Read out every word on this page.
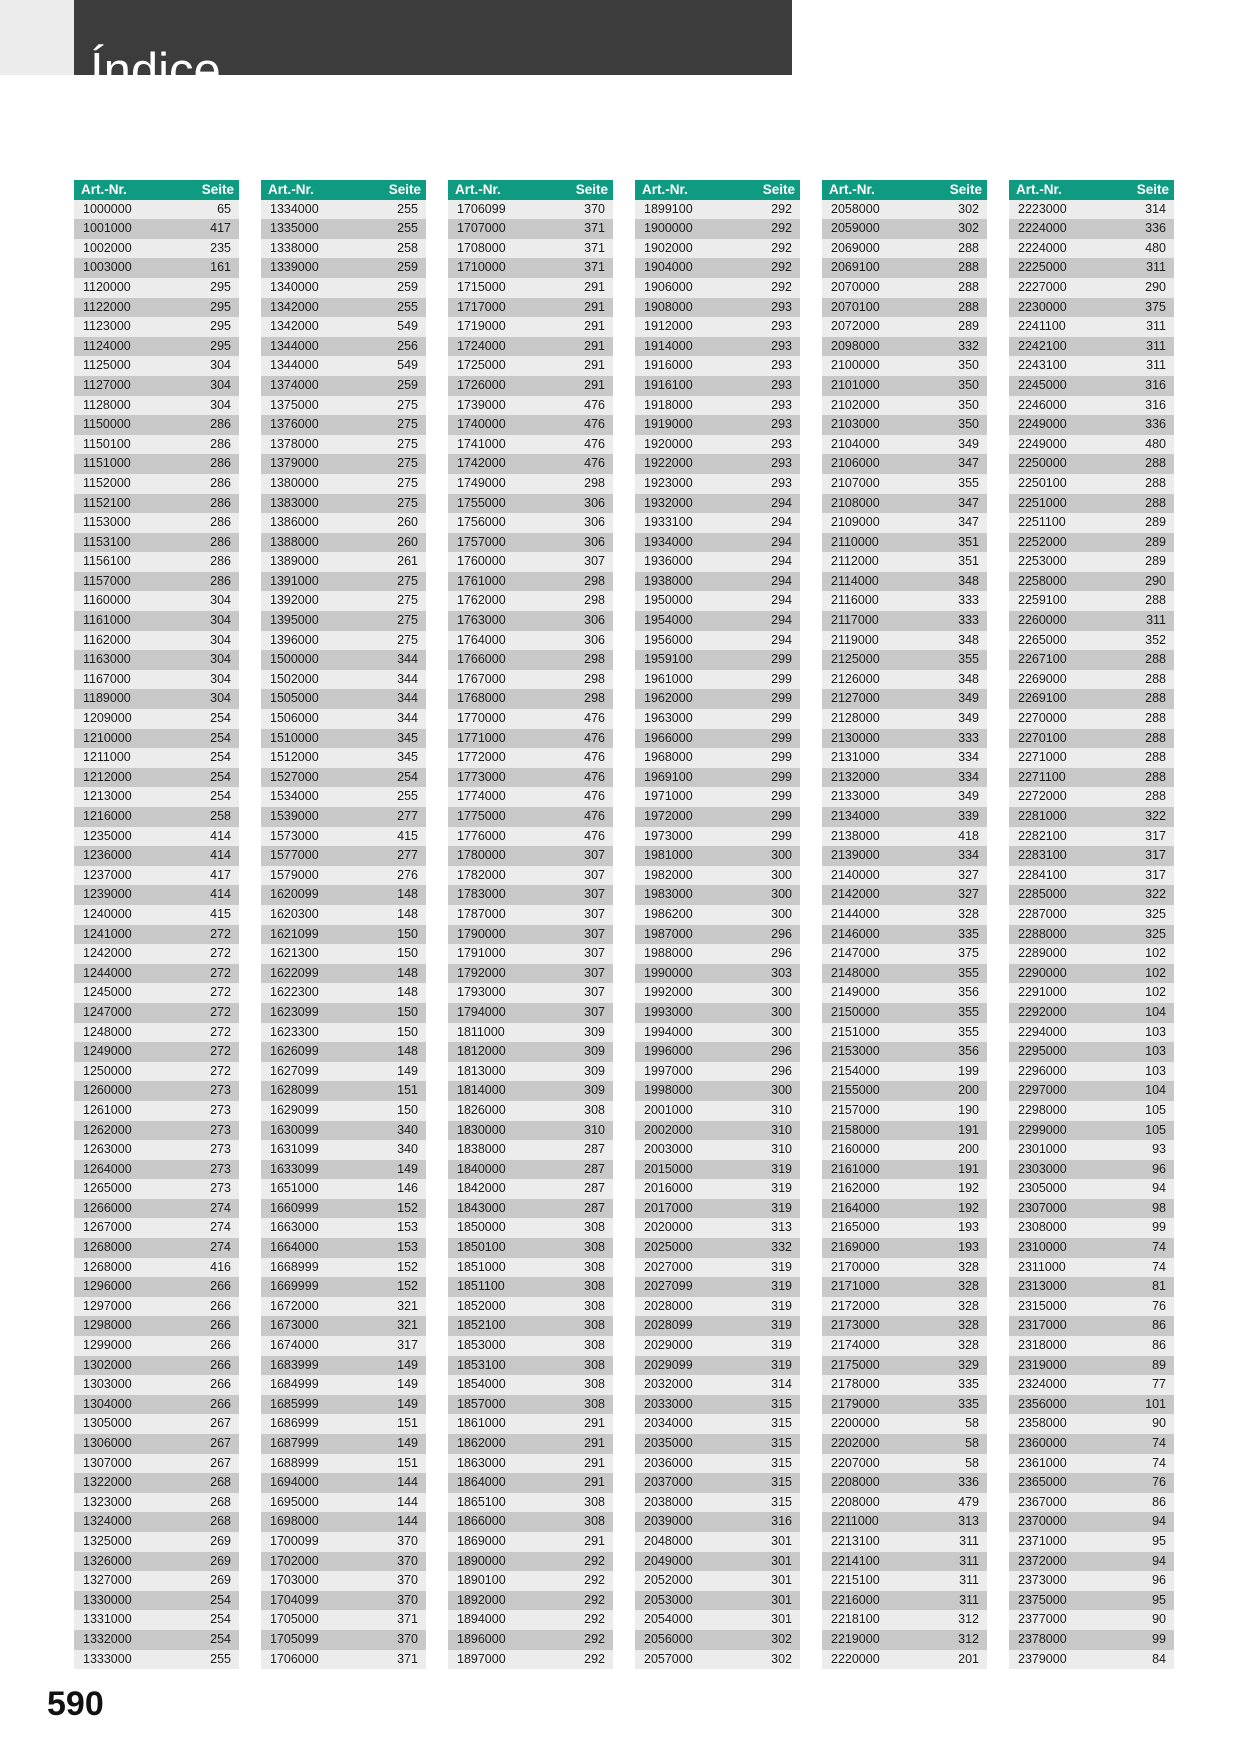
Índice
Art.-Nr.	Seite
1000000	65
1001000	417
1002000	235
1003000	161
1120000	295
1122000	295
1123000	295
1124000	295
1125000	304
1127000	304
1128000	304
1150000	286
1150100	286
1151000	286
1152000	286
1152100	286
1153000	286
1153100	286
1156100	286
1157000	286
1160000	304
1161000	304
1162000	304
1163000	304
1167000	304
1189000	304
1209000	254
1210000	254
1211000	254
1212000	254
1213000	254
1216000	258
1235000	414
1236000	414
1237000	417
1239000	414
1240000	415
1241000	272
1242000	272
1244000	272
1245000	272
1247000	272
1248000	272
1249000	272
1250000	272
1260000	273
1261000	273
1262000	273
1263000	273
1264000	273
1265000	273
1266000	274
1267000	274
1268000	274
1268000	416
1296000	266
1297000	266
1298000	266
1299000	266
1302000	266
1303000	266
1304000	266
1305000	267
1306000	267
1307000	267
1322000	268
1323000	268
1324000	268
1325000	269
1326000	269
1327000	269
1330000	254
1331000	254
1332000	254
1333000	255
Art.-Nr.	Seite
1334000	255
1335000	255
1338000	258
1339000	259
1340000	259
1342000	255
1342000	549
1344000	256
1344000	549
1374000	259
1375000	275
1376000	275
1378000	275
1379000	275
1380000	275
1383000	275
1386000	260
1388000	260
1389000	261
1391000	275
1392000	275
1395000	275
1396000	275
1500000	344
1502000	344
1505000	344
1506000	344
1510000	345
1512000	345
1527000	254
1534000	255
1539000	277
1573000	415
1577000	277
1579000	276
1620099	148
1620300	148
1621099	150
1621300	150
1622099	148
1622300	148
1623099	150
1623300	150
1626099	148
1627099	149
1628099	151
1629099	150
1630099	340
1631099	340
1633099	149
1651000	146
1660999	152
1663000	153
1664000	153
1668999	152
1669999	152
1672000	321
1673000	321
1674000	317
1683999	149
1684999	149
1685999	149
1686999	151
1687999	149
1688999	151
1694000	144
1695000	144
1698000	144
1700099	370
1702000	370
1703000	370
1704099	370
1705000	371
1705099	370
1706000	371
Art.-Nr.	Seite
1706099	370
1707000	371
1708000	371
1710000	371
1715000	291
1717000	291
1719000	291
1724000	291
1725000	291
1726000	291
1739000	476
1740000	476
1741000	476
1742000	476
1749000	298
1755000	306
1756000	306
1757000	306
1760000	307
1761000	298
1762000	298
1763000	306
1764000	306
1766000	298
1767000	298
1768000	298
1770000	476
1771000	476
1772000	476
1773000	476
1774000	476
1775000	476
1776000	476
1780000	307
1782000	307
1783000	307
1787000	307
1790000	307
1791000	307
1792000	307
1793000	307
1794000	307
1811000	309
1812000	309
1813000	309
1814000	309
1826000	308
1830000	310
1838000	287
1840000	287
1842000	287
1843000	287
1850000	308
1850100	308
1851000	308
1851100	308
1852000	308
1852100	308
1853000	308
1853100	308
1854000	308
1857000	308
1861000	291
1862000	291
1863000	291
1864000	291
1865100	308
1866000	308
1869000	291
1890000	292
1890100	292
1892000	292
1894000	292
1896000	292
1897000	292
Art.-Nr.	Seite
1899100	292
1900000	292
1902000	292
1904000	292
1906000	292
1908000	293
1912000	293
1914000	293
1916000	293
1916100	293
1918000	293
1919000	293
1920000	293
1922000	293
1923000	293
1932000	294
1933100	294
1934000	294
1936000	294
1938000	294
1950000	294
1954000	294
1956000	294
1959100	299
1961000	299
1962000	299
1963000	299
1966000	299
1968000	299
1969100	299
1971000	299
1972000	299
1973000	299
1981000	300
1982000	300
1983000	300
1986200	300
1987000	296
1988000	296
1990000	303
1992000	300
1993000	300
1994000	300
1996000	296
1997000	296
1998000	300
2001000	310
2002000	310
2003000	310
2015000	319
2016000	319
2017000	319
2020000	313
2025000	332
2027000	319
2027099	319
2028000	319
2028099	319
2029000	319
2029099	319
2032000	314
2033000	315
2034000	315
2035000	315
2036000	315
2037000	315
2038000	315
2039000	316
2048000	301
2049000	301
2052000	301
2053000	301
2054000	301
2056000	302
2057000	302
Art.-Nr.	Seite
2058000	302
2059000	302
2069000	288
2069100	288
2070000	288
2070100	288
2072000	289
2098000	332
2100000	350
2101000	350
2102000	350
2103000	350
2104000	349
2106000	347
2107000	355
2108000	347
2109000	347
2110000	351
2112000	351
2114000	348
2116000	333
2117000	333
2119000	348
2125000	355
2126000	348
2127000	349
2128000	349
2130000	333
2131000	334
2132000	334
2133000	349
2134000	339
2138000	418
2139000	334
2140000	327
2142000	327
2144000	328
2146000	335
2147000	375
2148000	355
2149000	356
2150000	355
2151000	355
2153000	356
2154000	199
2155000	200
2157000	190
2158000	191
2160000	200
2161000	191
2162000	192
2164000	192
2165000	193
2169000	193
2170000	328
2171000	328
2172000	328
2173000	328
2174000	328
2175000	329
2178000	335
2179000	335
2200000	58
2202000	58
2207000	58
2208000	336
2208000	479
2211000	313
2213100	311
2214100	311
2215100	311
2216000	311
2218100	312
2219000	312
2220000	201
Art.-Nr.	Seite
2223000	314
2224000	336
2224000	480
2225000	311
2227000	290
2230000	375
2241100	311
2242100	311
2243100	311
2245000	316
2246000	316
2249000	336
2249000	480
2250000	288
2250100	288
2251000	288
2251100	289
2252000	289
2253000	289
2258000	290
2259100	288
2260000	311
2265000	352
2267100	288
2269000	288
2269100	288
2270000	288
2270100	288
2271000	288
2271100	288
2272000	288
2281000	322
2282100	317
2283100	317
2284100	317
2285000	322
2287000	325
2288000	325
2289000	102
2290000	102
2291000	102
2292000	104
2294000	103
2295000	103
2296000	103
2297000	104
2298000	105
2299000	105
2301000	93
2303000	96
2305000	94
2307000	98
2308000	99
2310000	74
2311000	74
2313000	81
2315000	76
2317000	86
2318000	86
2319000	89
2324000	77
2356000	101
2358000	90
2360000	74
2361000	74
2365000	76
2367000	86
2370000	94
2371000	95
2372000	94
2373000	96
2375000	95
2377000	90
2378000	99
2379000	84
590
